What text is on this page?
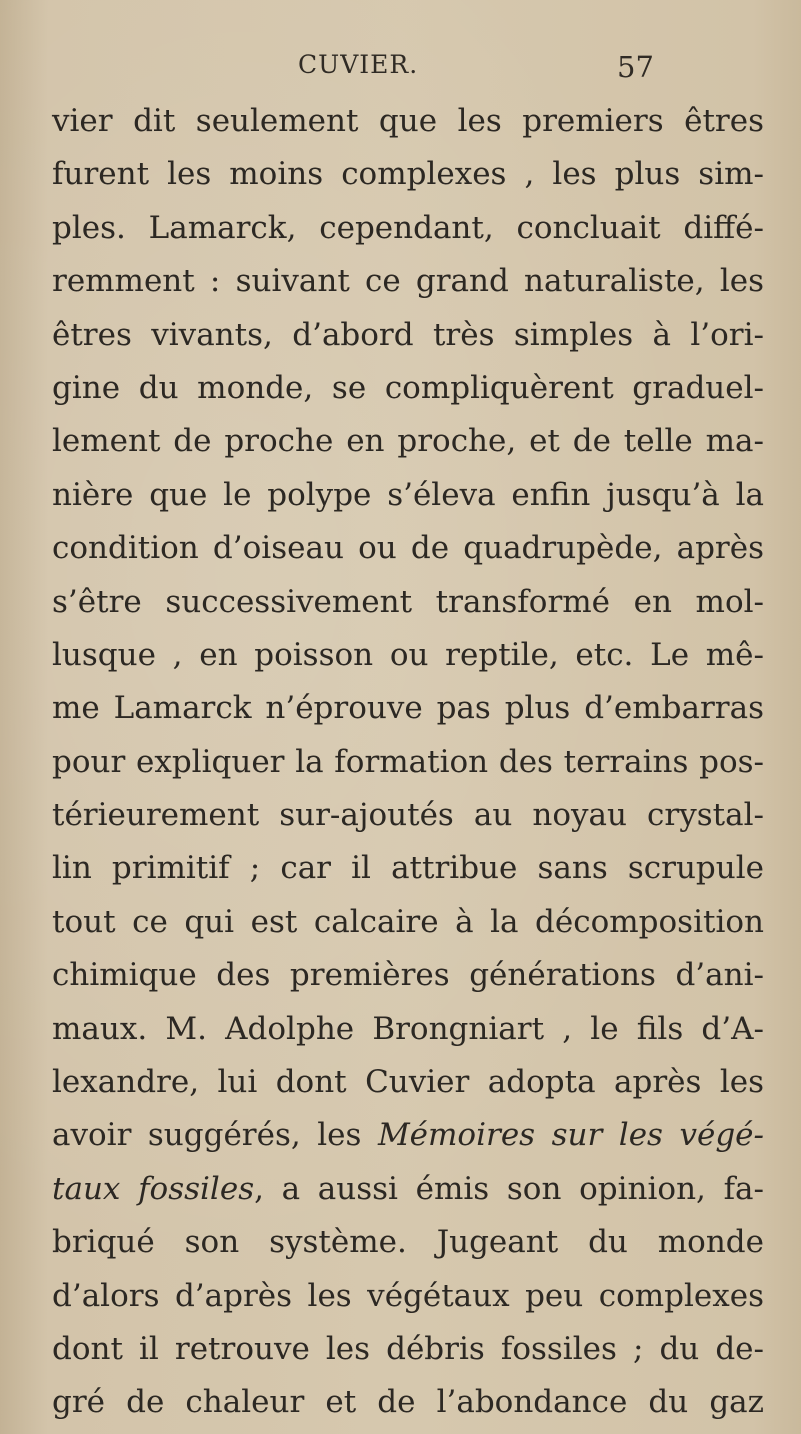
CUVIER.	57
vier dit seulement que les premiers êtres
furent les moins complexes , les plus sim-
ples. Lamarck, cependant, concluait diffé-
remment : suivant ce grand naturaliste, les
êtres vivants, d’abord très simples à l’ori-
gine du monde, se compliquèrent graduel-
lement de proche en proche, et de telle ma-
nière que le polype s’éleva enfin jusqu’à la
condition d’oiseau ou de quadrupède, après
s’être successivement transformé en mol-
lusque , en poisson ou reptile, etc. Le mê-
me Lamarck n’éprouve pas plus d’embarras
pour expliquer la formation des terrains pos-
térieurement sur-ajoutés au noyau crystal-
lin primitif ; car il attribue sans scrupule
tout ce qui est calcaire à la décomposition
chimique des premières générations d’ani-
maux. M. Adolphe Brongniart , le fils d’A-
lexandre, lui dont Cuvier adopta après les
avoir suggérés, les Mémoires sur les végé-
taux fossiles, a aussi émis son opinion, fa-
briqué son système. Jugeant du monde
d’alors d’après les végétaux peu complexes
dont il retrouve les débris fossiles ; du de-
gré de chaleur et de l’abondance du gaz
